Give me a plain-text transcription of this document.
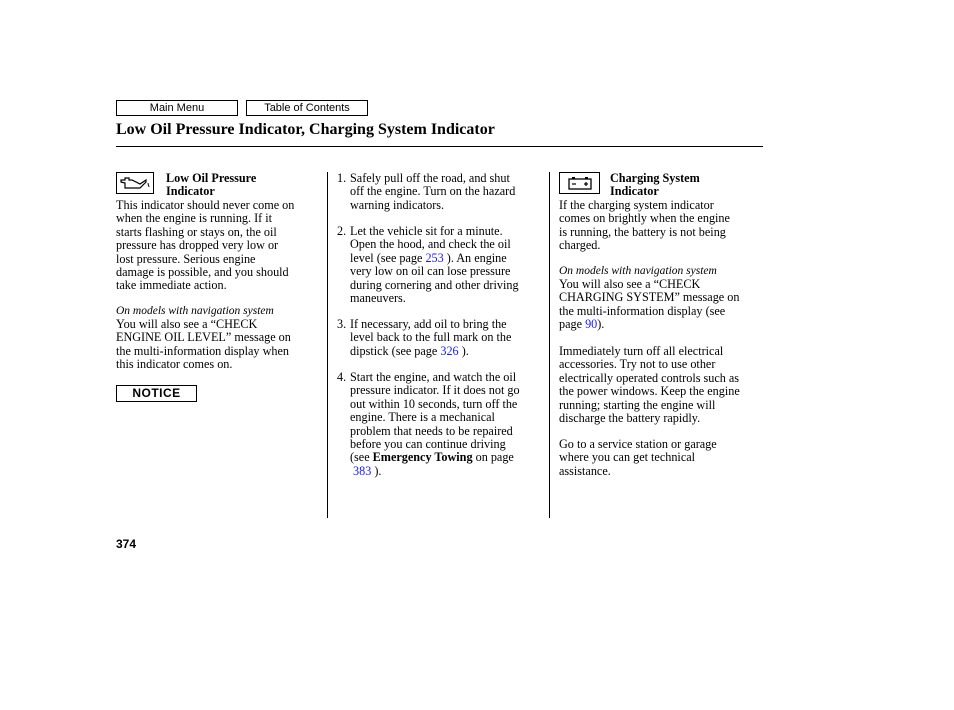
Main Menu	Table of Contents
Low Oil Pressure Indicator, Charging System Indicator
Low Oil Pressure
Indicator
This indicator should never come on
when the engine is running. If it
starts flashing or stays on, the oil
pressure has dropped very low or
lost pressure. Serious engine
damage is possible, and you should
take immediate action.
On models with navigation system
You will also see a “CHECK
ENGINE OIL LEVEL” message on
the multi-information display when
this indicator comes on.
NOTICE
1. Safely pull off the road, and shut
off the engine. Turn on the hazard
warning indicators.
2. Let the vehicle sit for a minute.
Open the hood, and check the oil
level (see page 253 ). An engine
very low on oil can lose pressure
during cornering and other driving
maneuvers.
3. If necessary, add oil to bring the
level back to the full mark on the
dipstick (see page 326 ).
4. Start the engine, and watch the oil
pressure indicator. If it does not go
out within 10 seconds, turn off the
engine. There is a mechanical
problem that needs to be repaired
before you can continue driving
(see Emergency Towing on page
383 ).
Charging System
Indicator
If the charging system indicator
comes on brightly when the engine
is running, the battery is not being
charged.
On models with navigation system
You will also see a “CHECK
CHARGING SYSTEM” message on
the multi-information display (see
page 90).
Immediately turn off all electrical
accessories. Try not to use other
electrically operated controls such as
the power windows. Keep the engine
running; starting the engine will
discharge the battery rapidly.
Go to a service station or garage
where you can get technical
assistance.
374
